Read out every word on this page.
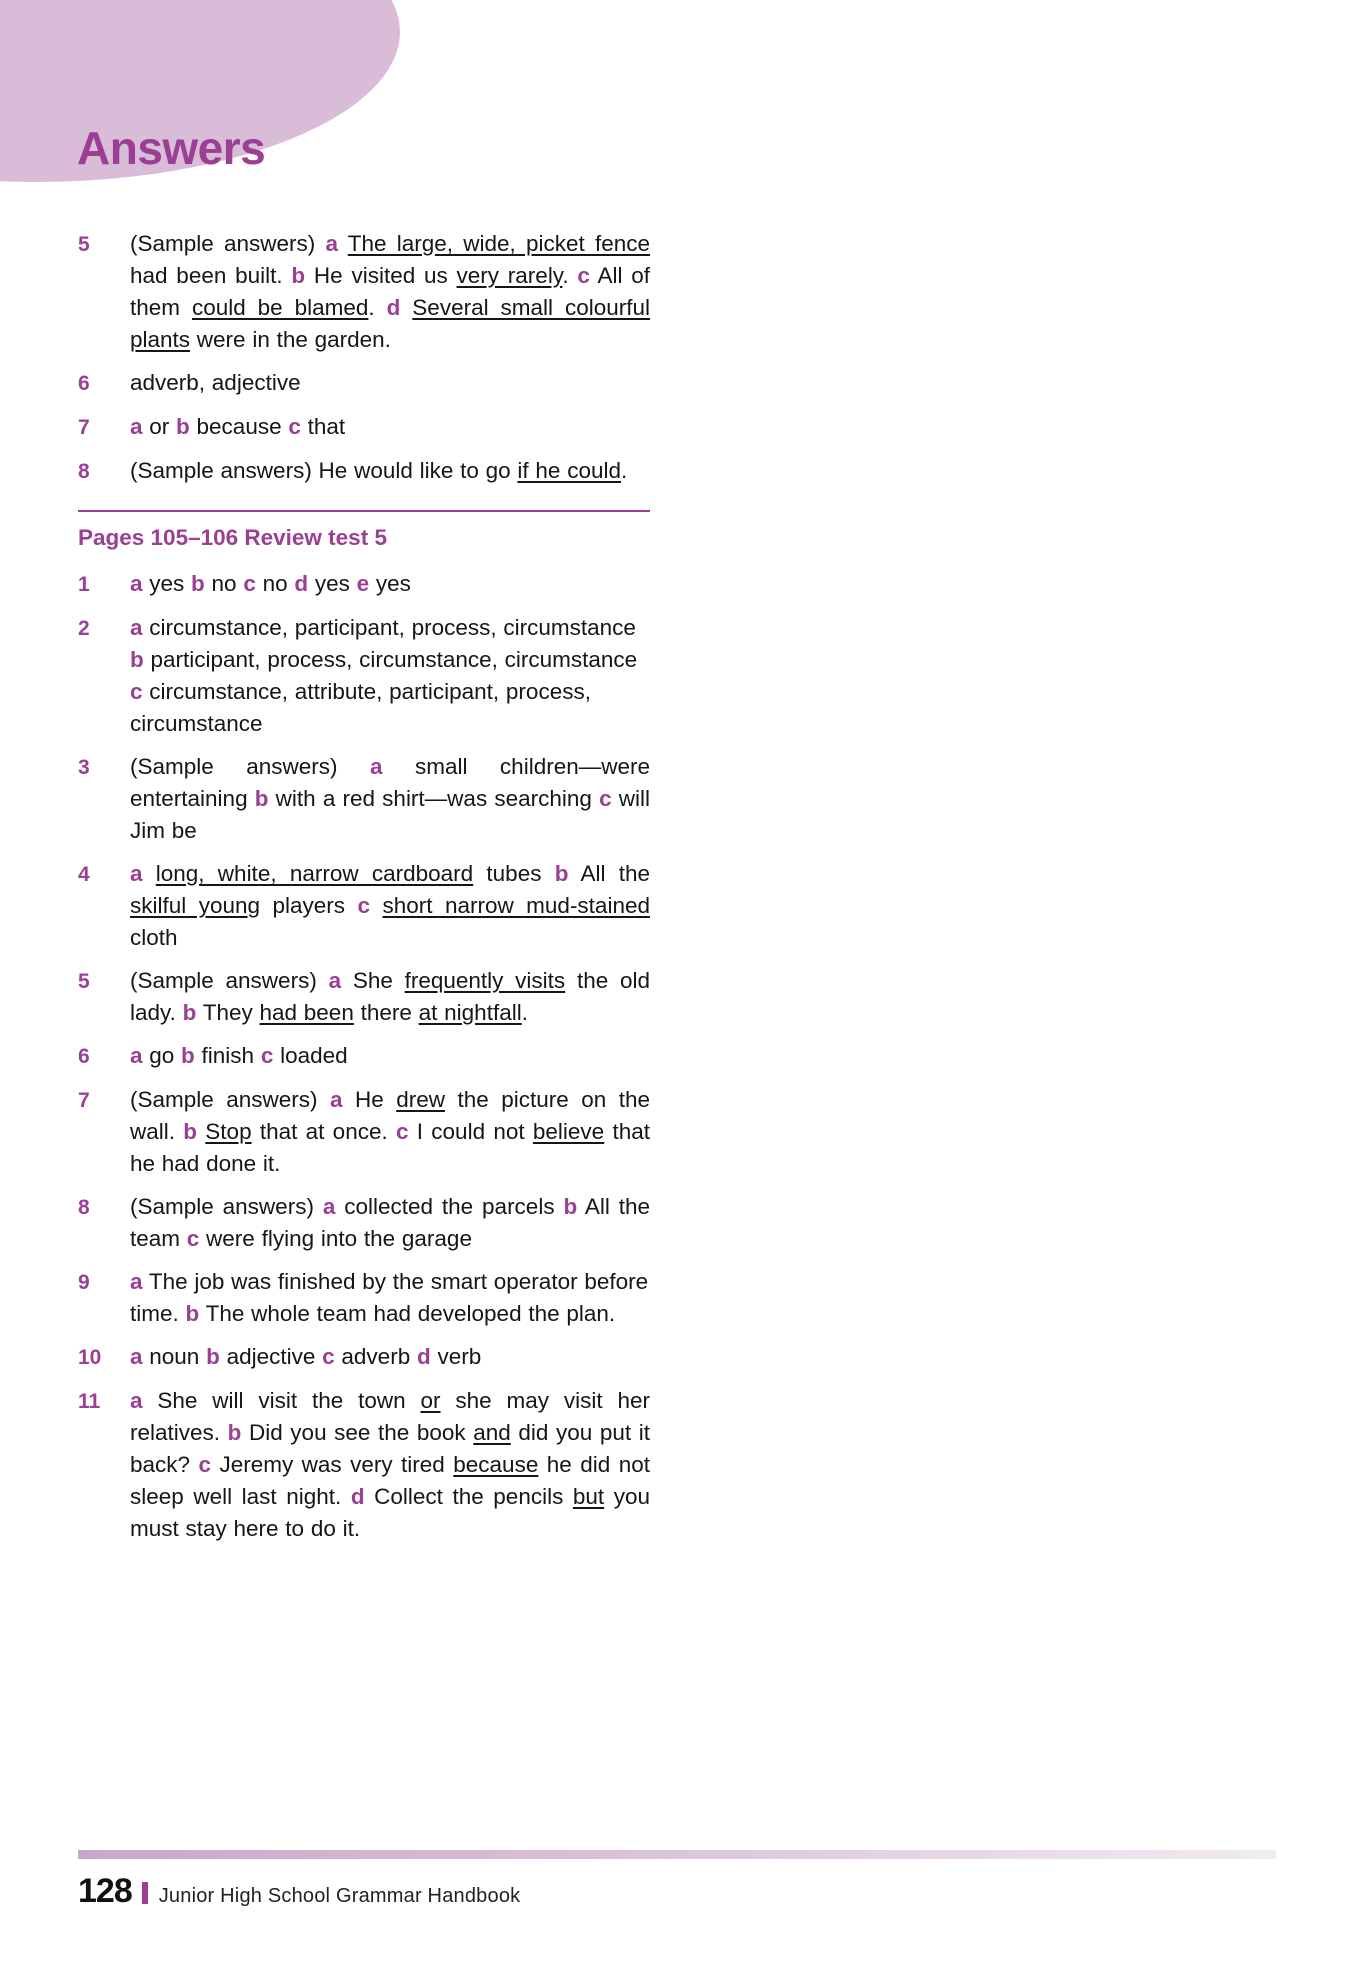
Answers
5	(Sample answers) a The large, wide, picket fence had been built. b He visited us very rarely. c All of them could be blamed. d Several small colourful plants were in the garden.
6	adverb, adjective
7	a or b because c that
8	(Sample answers) He would like to go if he could.
Pages 105–106 Review test 5
1	a yes b no c no d yes e yes
2	a circumstance, participant, process, circumstance b participant, process, circumstance, circumstance c circumstance, attribute, participant, process, circumstance
3	(Sample answers) a small children—were entertaining b with a red shirt—was searching c will Jim be
4	a long, white, narrow cardboard tubes b All the skilful young players c short narrow mud-stained cloth
5	(Sample answers) a She frequently visits the old lady. b They had been there at nightfall.
6	a go b finish c loaded
7	(Sample answers) a He drew the picture on the wall. b Stop that at once. c I could not believe that he had done it.
8	(Sample answers) a collected the parcels b All the team c were flying into the garage
9	a The job was finished by the smart operator before time. b The whole team had developed the plan.
10	a noun b adjective c adverb d verb
11	a She will visit the town or she may visit her relatives. b Did you see the book and did you put it back? c Jeremy was very tired because he did not sleep well last night. d Collect the pencils but you must stay here to do it.
128 Junior High School Grammar Handbook
